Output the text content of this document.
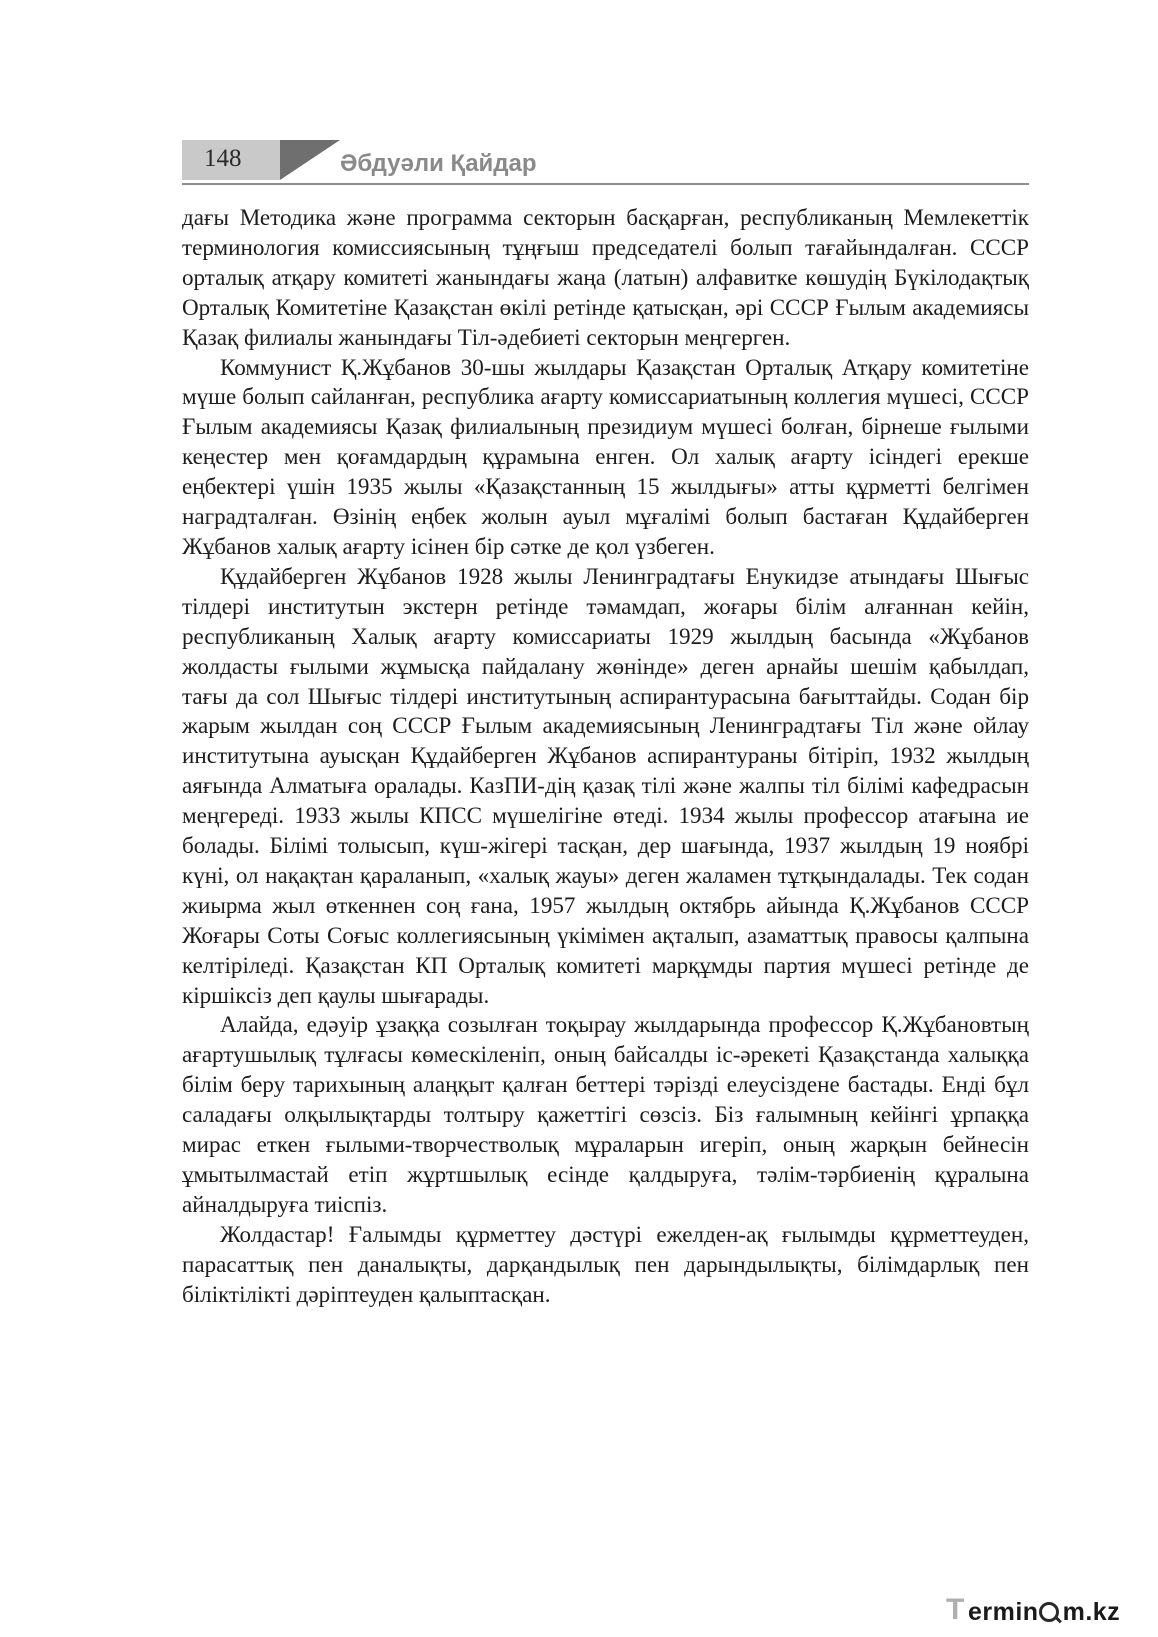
148	Әбдуәли Қайдар

дағы Методика және программа секторын басқарған, республиканың Мемлекеттік терминология комиссиясының тұңғыш председателі болып тағайындалған. СССР орталық атқару комитеті жанындағы жаңа (латын) алфавитке көшудің Бүкілодақтық Орталық Комитетіне Қазақстан өкілі ретінде қатысқан, әрі СССР Ғылым академиясы Қазақ филиалы жанындағы Тіл-әдебиеті секторын меңгерген.

Коммунист Қ.Жұбанов 30-шы жылдары Қазақстан Орталық Атқару комитетіне мүше болып сайланған, республика ағарту комиссариатының коллегия мүшесі, СССР Ғылым академиясы Қазақ филиалының президиум мүшесі болған, бірнеше ғылыми кеңестер мен қоғамдардың құрамына енген. Ол халық ағарту ісіндегі ерекше еңбектері үшін 1935 жылы «Қазақстанның 15 жылдығы» атты құрметті белгімен наградталған. Өзінің еңбек жолын ауыл мұғалімі болып бастаған Құдайберген Жұбанов халық ағарту ісінен бір сәтке де қол үзбеген.

Құдайберген Жұбанов 1928 жылы Ленинградтағы Енукидзе атындағы Шығыс тілдері институтын экстерн ретінде тәмамдап, жоғары білім алғаннан кейін, республиканың Халық ағарту комиссариаты 1929 жылдың басында «Жұбанов жолдасты ғылыми жұмысқа пайдалану жөнінде» деген арнайы шешім қабылдап, тағы да сол Шығыс тілдері институтының аспирантурасына бағыттайды. Содан бір жарым жылдан соң СССР Ғылым академиясының Ленинградтағы Тіл және ойлау институтына ауысқан Құдайберген Жұбанов аспирантураны бітіріп, 1932 жылдың аяғында Алматыға оралады. КазПИ-дің қазақ тілі және жалпы тіл білімі кафедрасын меңгереді. 1933 жылы КПСС мүшелігіне өтеді. 1934 жылы профессор атағына ие болады. Білімі толысып, күш-жігері тасқан, дер шағында, 1937 жылдың 19 ноябрі күні, ол нақақтан қараланып, «халық жауы» деген жаламен тұтқындалады. Тек содан жиырма жыл өткеннен соң ғана, 1957 жылдың октябрь айында Қ.Жұбанов СССР Жоғары Соты Соғыс коллегиясының үкімімен ақталып, азаматтық правосы қалпына келтіріледі. Қазақстан КП Орталық комитеті марқұмды партия мүшесі ретінде де кіршіксіз деп қаулы шығарады.

Алайда, едәуір ұзаққа созылған тоқырау жылдарында профессор Қ.Жұбановтың ағартушылық тұлғасы көмескіленіп, оның байсалды іс-әрекеті Қазақстанда халыққа білім беру тарихының алаңқыт қалған беттері тәрізді елеусіздене бастады. Енді бұл саладағы олқылықтарды толтыру қажеттігі сөзсіз. Біз ғалымның кейінгі ұрпаққа мирас еткен ғылыми-творчестволық мұраларын игеріп, оның жарқын бейнесін ұмытылмастай етіп жұртшылық есінде қалдыруға, тәлім-тәрбиенің құралына айналдыруға тиіспіз.

Жолдастар! Ғалымды құрметтеу дәстүрі ежелден-ақ ғылымды құрметтеуден, парасаттық пен даналықты, дарқандылық пен дарындылықты, білімдарлық пен біліктілікті дәріптеуден қалыптасқан.

T ermin m.kz
